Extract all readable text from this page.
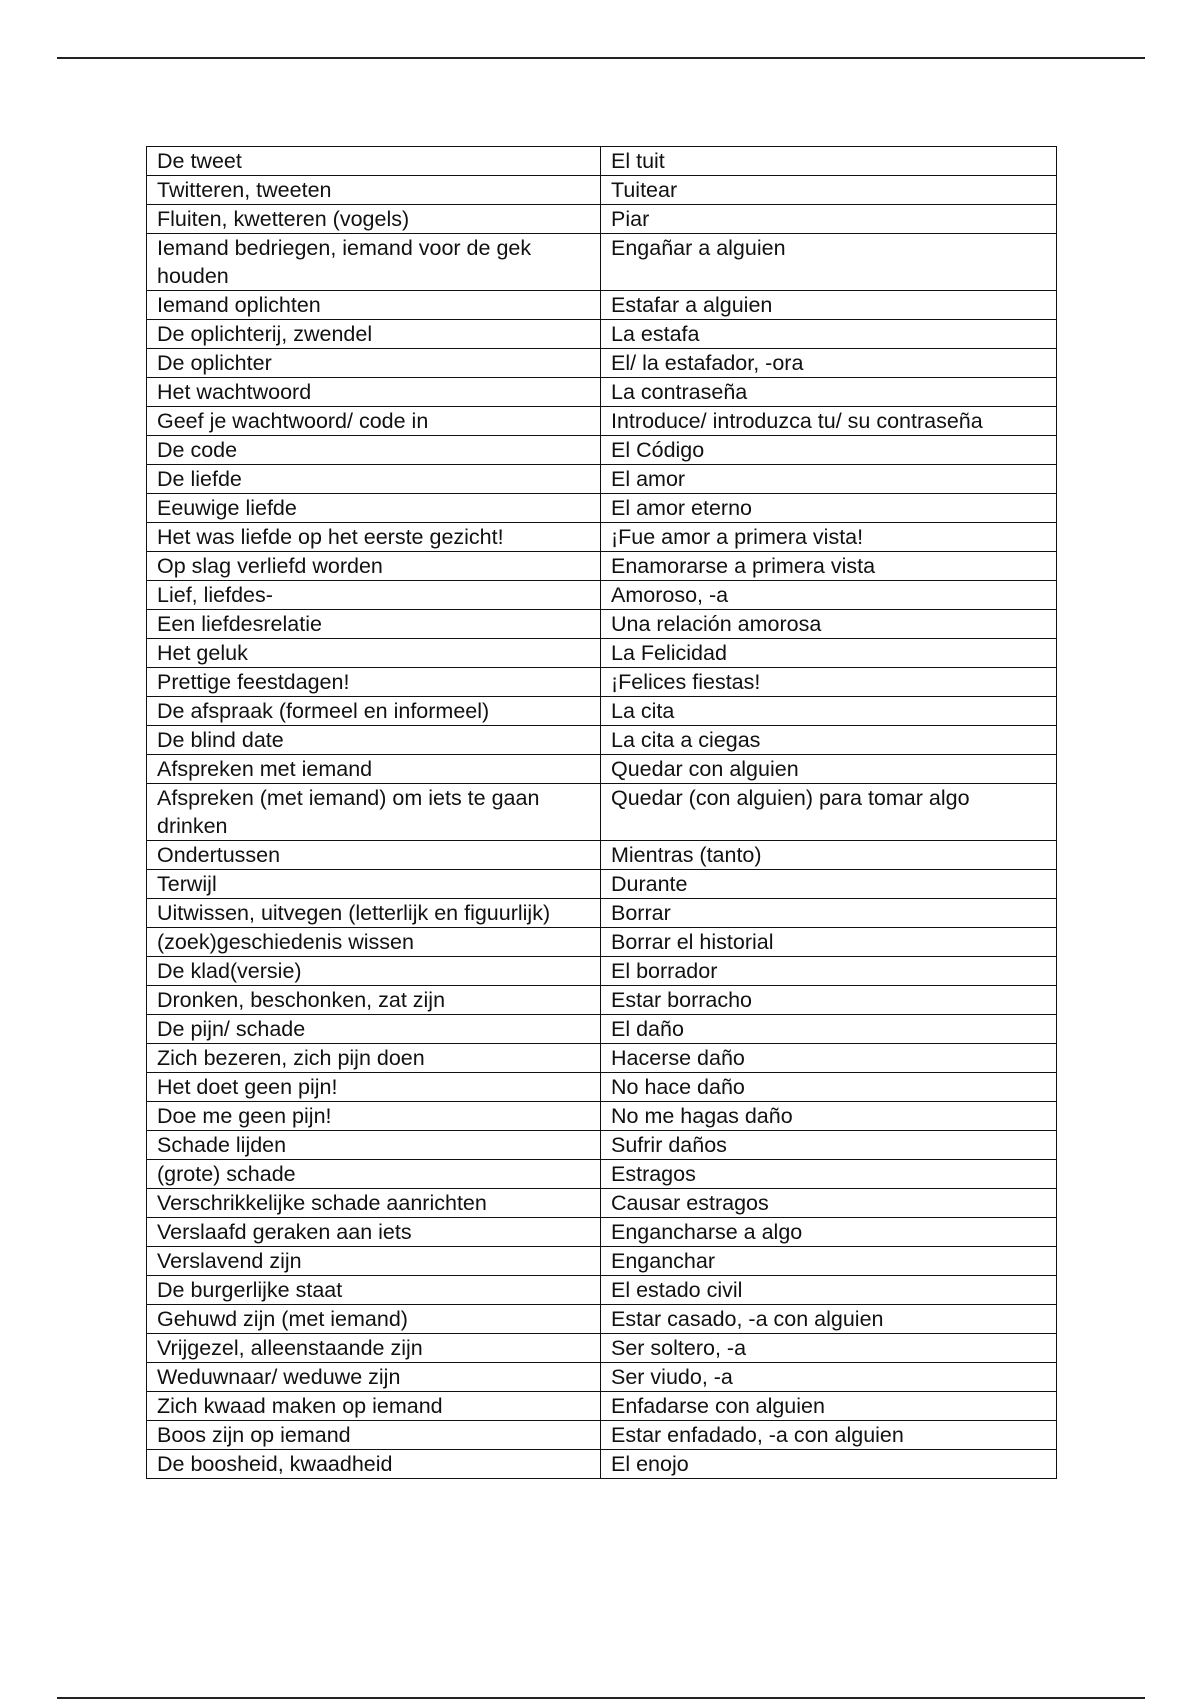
De tweet	El tuit
Twitteren, tweeten	Tuitear
Fluiten, kwetteren (vogels)	Piar
Iemand bedriegen, iemand voor de gek houden	Engañar a alguien
Iemand oplichten	Estafar a alguien
De oplichterij, zwendel	La estafa
De oplichter	El/ la estafador, -ora
Het wachtwoord	La contraseña
Geef je wachtwoord/ code in	Introduce/ introduzca tu/ su contraseña
De code	El Código
De liefde	El amor
Eeuwige liefde	El amor eterno
Het was liefde op het eerste gezicht!	¡Fue amor a primera vista!
Op slag verliefd worden	Enamorarse a primera vista
Lief, liefdes-	Amoroso, -a
Een liefdesrelatie	Una relación amorosa
Het geluk	La Felicidad
Prettige feestdagen!	¡Felices fiestas!
De afspraak (formeel en informeel)	La cita
De blind date	La cita a ciegas
Afspreken met iemand	Quedar con alguien
Afspreken (met iemand) om iets te gaan drinken	Quedar (con alguien) para tomar algo
Ondertussen	Mientras (tanto)
Terwijl	Durante
Uitwissen, uitvegen (letterlijk en figuurlijk)	Borrar
(zoek)geschiedenis wissen	Borrar el historial
De klad(versie)	El borrador
Dronken, beschonken, zat zijn	Estar borracho
De pijn/ schade	El daño
Zich bezeren, zich pijn doen	Hacerse daño
Het doet geen pijn!	No hace daño
Doe me geen pijn!	No me hagas daño
Schade lijden	Sufrir daños
(grote) schade	Estragos
Verschrikkelijke schade aanrichten	Causar estragos
Verslaafd geraken aan iets	Engancharse a algo
Verslavend zijn	Enganchar
De burgerlijke staat	El estado civil
Gehuwd zijn (met iemand)	Estar casado, -a con alguien
Vrijgezel, alleenstaande zijn	Ser soltero, -a
Weduwnaar/ weduwe zijn	Ser viudo, -a
Zich kwaad maken op iemand	Enfadarse con alguien
Boos zijn op iemand	Estar enfadado, -a con alguien
De boosheid, kwaadheid	El enojo
